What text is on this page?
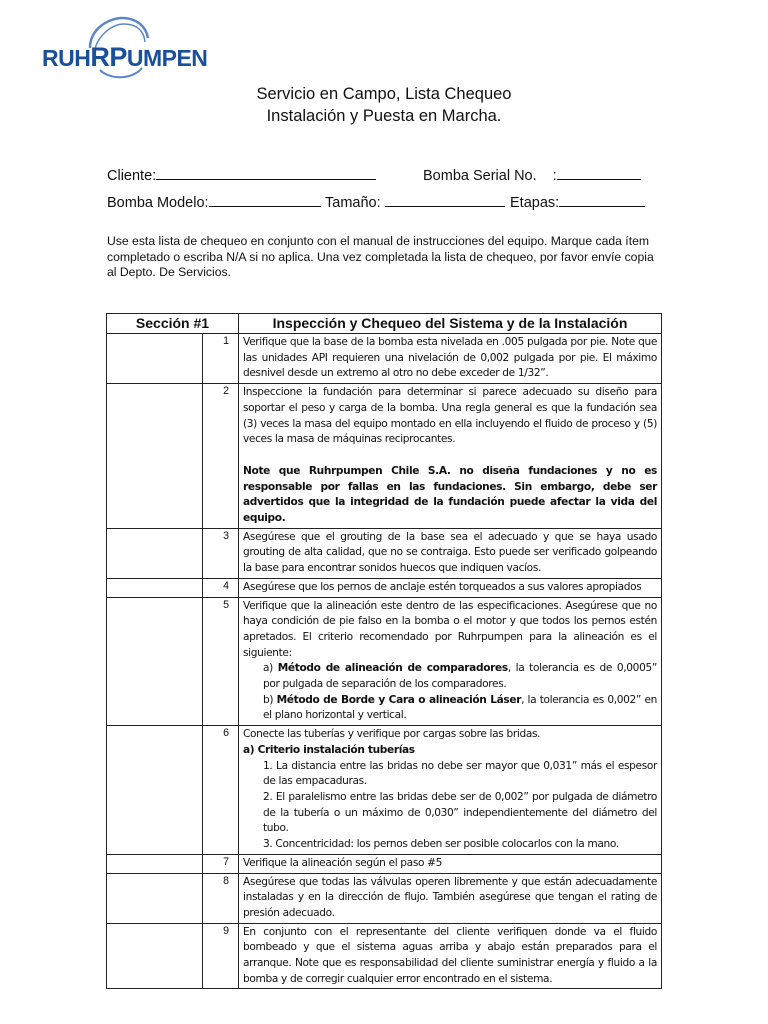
RUHRPUMPEN
Servicio en Campo, Lista Chequeo
Instalación y Puesta en Marcha.
Cliente:	Bomba Serial No. :
Bomba Modelo:	Tamaño:	Etapas:
Use esta lista de chequeo en conjunto con el manual de instrucciones del equipo. Marque cada ítem completado o escriba N/A si no aplica. Una vez completada la lista de chequeo, por favor envíe copia al Depto. De Servicios.
Sección #1		Inspección y Chequeo del Sistema y de la Instalación
	1	Verifique que la base de la bomba esta nivelada en .005 pulgada por pie. Note que las unidades API requieren una nivelación de 0,002 pulgada por pie. El máximo desnivel desde un extremo al otro no debe exceder de 1/32”.
	2	Inspeccione la fundación para determinar si parece adecuado su diseño para soportar el peso y carga de la bomba. Una regla general es que la fundación sea (3) veces la masa del equipo montado en ella incluyendo el fluido de proceso y (5) veces la masa de máquinas reciprocantes.
Note que Ruhrpumpen Chile S.A. no diseña fundaciones y no es responsable por fallas en las fundaciones. Sin embargo, debe ser advertidos que la integridad de la fundación puede afectar la vida del equipo.

	3	Asegúrese que el grouting de la base sea el adecuado y que se haya usado grouting de alta calidad, que no se contraiga. Esto puede ser verificado golpeando la base para encontrar sonidos huecos que indiquen vacíos.
	4	Asegúrese que los pernos de anclaje estén torqueados a sus valores apropiados
	5	Verifique que la alineación este dentro de las especificaciones. Asegúrese que no haya condición de pie falso en la bomba o el motor y que todos los pernos estén apretados. El criterio recomendado por Ruhrpumpen para la alineación es el siguiente:
a) Método de alineación de comparadores, la tolerancia es de 0,0005” por pulgada de separación de los comparadores.
b) Método de Borde y Cara o alineación Láser, la tolerancia es 0,002” en el plano horizontal y vertical.

	6	Conecte las tuberías y verifique por cargas sobre las bridas.
a) Criterio instalación tuberías
1. La distancia entre las bridas no debe ser mayor que 0,031” más el espesor de las empacaduras.
2. El paralelismo entre las bridas debe ser de 0,002” por pulgada de diámetro de la tubería o un máximo de 0,030” independientemente del diámetro del tubo.
3. Concentricidad: los pernos deben ser posible colocarlos con la mano.

	7	Verifique la alineación según el paso #5
	8	Asegúrese que todas las válvulas operen libremente y que están adecuadamente instaladas y en la dirección de flujo. También asegúrese que tengan el rating de presión adecuado.
	9	En conjunto con el representante del cliente verifiquen donde va el fluido bombeado y que el sistema aguas arriba y abajo están preparados para el arranque. Note que es responsabilidad del cliente suministrar energía y fluido a la bomba y de corregir cualquier error encontrado en el sistema.
